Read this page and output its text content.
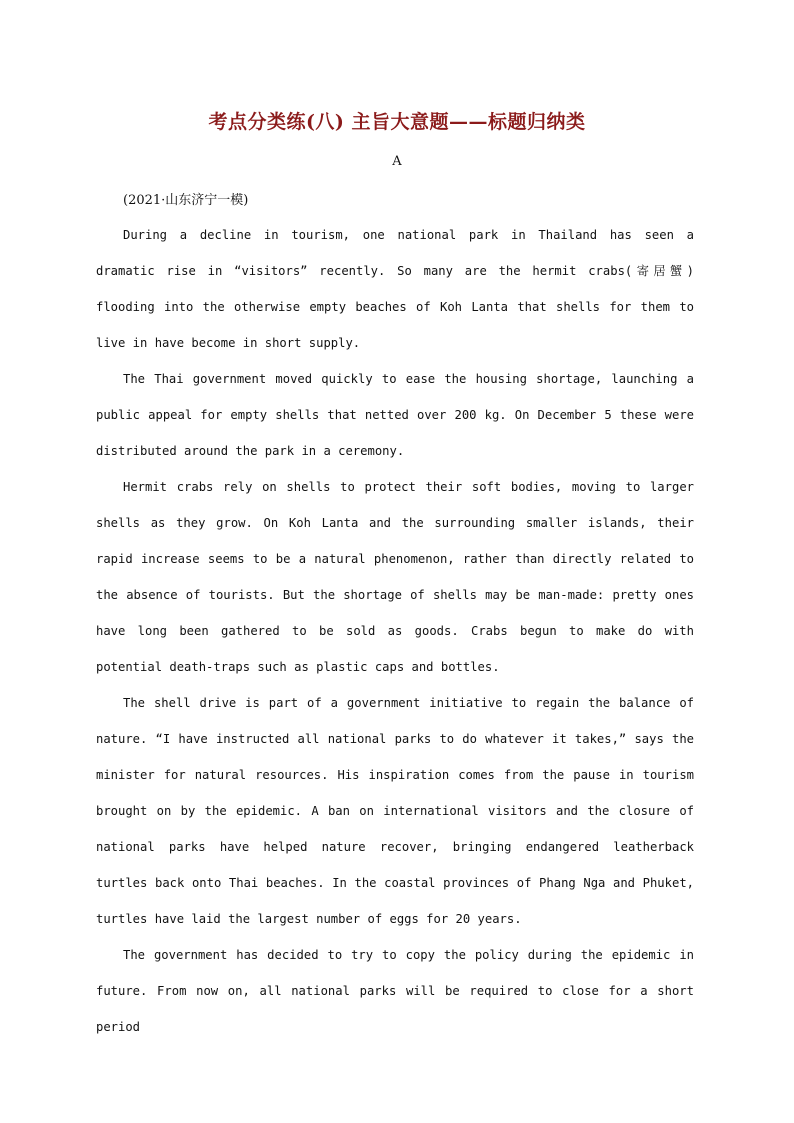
考点分类练(八) 主旨大意题——标题归纳类
A
(2021·山东济宁一模)

During a decline in tourism, one national park in Thailand has seen a dramatic rise in “visitors” recently. So many are the hermit crabs(寄居蟹) flooding into the otherwise empty beaches of Koh Lanta that shells for them to live in have become in short supply.

The Thai government moved quickly to ease the housing shortage, launching a public appeal for empty shells that netted over 200 kg. On December 5 these were distributed around the park in a ceremony.

Hermit crabs rely on shells to protect their soft bodies, moving to larger shells as they grow. On Koh Lanta and the surrounding smaller islands, their rapid increase seems to be a natural phenomenon, rather than directly related to the absence of tourists. But the shortage of shells may be man-made: pretty ones have long been gathered to be sold as goods. Crabs begun to make do with potential death-traps such as plastic caps and bottles.

The shell drive is part of a government initiative to regain the balance of nature. “I have instructed all national parks to do whatever it takes,” says the minister for natural resources. His inspiration comes from the pause in tourism brought on by the epidemic. A ban on international visitors and the closure of national parks have helped nature recover, bringing endangered leatherback turtles back onto Thai beaches. In the coastal provinces of Phang Nga and Phuket, turtles have laid the largest number of eggs for 20 years.

The government has decided to try to copy the policy during the epidemic in future. From now on, all national parks will be required to close for a short period
